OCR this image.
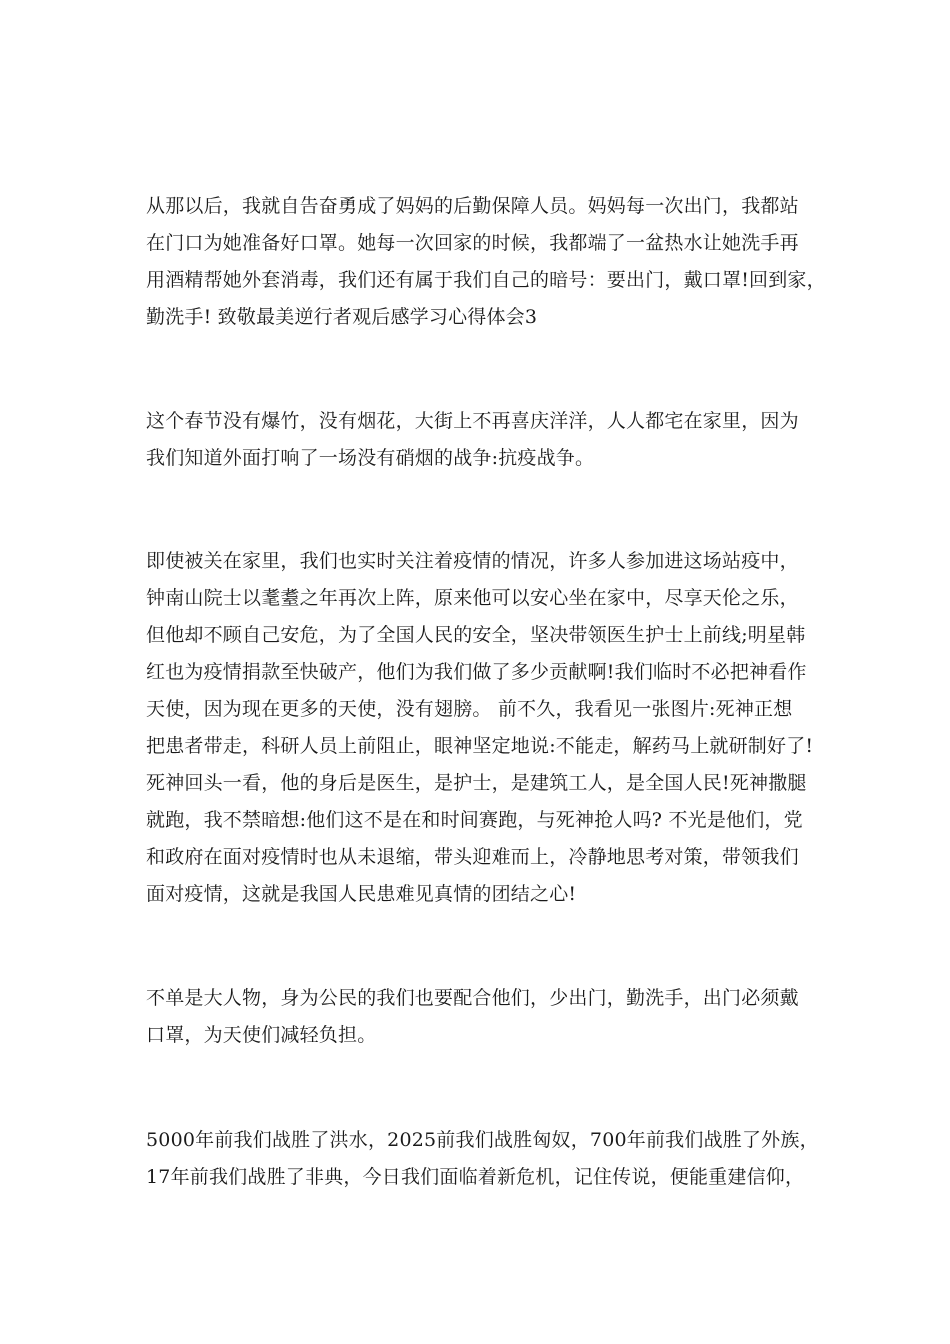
从那以后，我就自告奋勇成了妈妈的后勤保障人员。妈妈每一次出门，我都站
在门口为她准备好口罩。她每一次回家的时候，我都端了一盆热水让她洗手再
用酒精帮她外套消毒，我们还有属于我们自己的暗号：要出门，戴口罩!回到家，
勤洗手! 致敬最美逆行者观后感学习心得体会3
这个春节没有爆竹，没有烟花，大街上不再喜庆洋洋，人人都宅在家里，因为
我们知道外面打响了一场没有硝烟的战争:抗疫战争。
即使被关在家里，我们也实时关注着疫情的情况，许多人参加进这场站疫中，
钟南山院士以耄耋之年再次上阵，原来他可以安心坐在家中，尽享天伦之乐，
但他却不顾自己安危，为了全国人民的安全，坚决带领医生护士上前线;明星韩
红也为疫情捐款至快破产，他们为我们做了多少贡献啊!我们临时不必把神看作
天使，因为现在更多的天使，没有翅膀。 前不久，我看见一张图片:死神正想
把患者带走，科研人员上前阻止，眼神坚定地说:不能走，解药马上就研制好了!
死神回头一看，他的身后是医生，是护士，是建筑工人，是全国人民!死神撒腿
就跑，我不禁暗想:他们这不是在和时间赛跑，与死神抢人吗? 不光是他们，党
和政府在面对疫情时也从未退缩，带头迎难而上，冷静地思考对策，带领我们
面对疫情，这就是我国人民患难见真情的团结之心!
不单是大人物，身为公民的我们也要配合他们，少出门，勤洗手，出门必须戴
口罩，为天使们减轻负担。
5000年前我们战胜了洪水，2025前我们战胜匈奴，700年前我们战胜了外族，
17年前我们战胜了非典，今日我们面临着新危机，记住传说，便能重建信仰，
